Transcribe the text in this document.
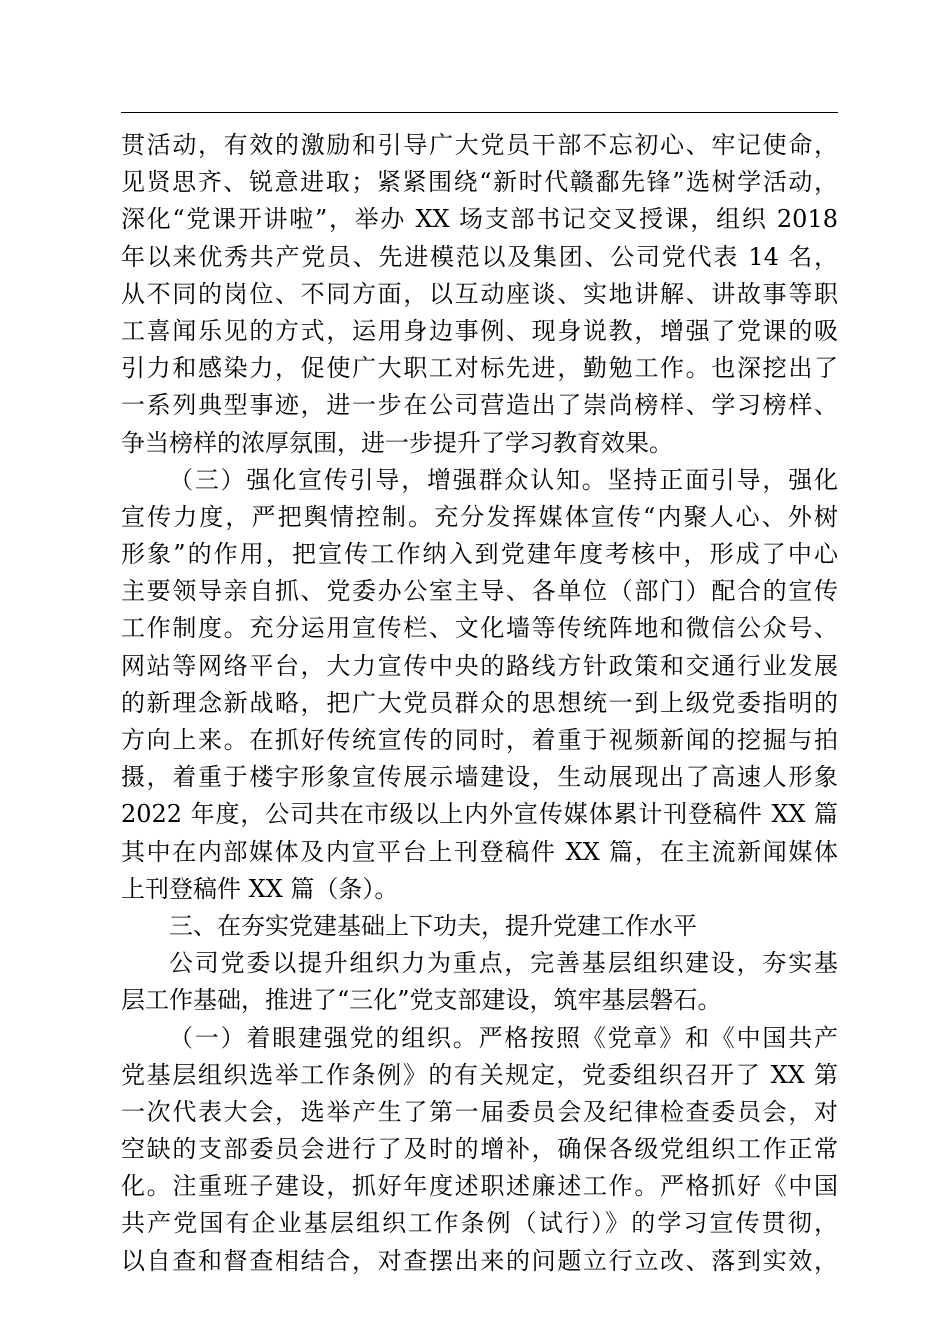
贯活动，有效的激励和引导广大党员干部不忘初心、牢记使命，
见贤思齐、锐意进取；紧紧围绕“新时代赣鄱先锋”选树学活动，
深化“党课开讲啦”，举办 XX 场支部书记交叉授课，组织 2018
年以来优秀共产党员、先进模范以及集团、公司党代表 14 名，
从不同的岗位、不同方面，以互动座谈、实地讲解、讲故事等职
工喜闻乐见的方式，运用身边事例、现身说教，增强了党课的吸
引力和感染力，促使广大职工对标先进，勤勉工作。也深挖出了
一系列典型事迹，进一步在公司营造出了崇尚榜样、学习榜样、
争当榜样的浓厚氛围，进一步提升了学习教育效果。
（三）强化宣传引导，增强群众认知。坚持正面引导，强化
宣传力度，严把舆情控制。充分发挥媒体宣传“内聚人心、外树
形象”的作用，把宣传工作纳入到党建年度考核中，形成了中心
主要领导亲自抓、党委办公室主导、各单位（部门）配合的宣传
工作制度。充分运用宣传栏、文化墙等传统阵地和微信公众号、
网站等网络平台，大力宣传中央的路线方针政策和交通行业发展
的新理念新战略，把广大党员群众的思想统一到上级党委指明的
方向上来。在抓好传统宣传的同时，着重于视频新闻的挖掘与拍
摄，着重于楼宇形象宣传展示墙建设，生动展现出了高速人形象
2022 年度，公司共在市级以上内外宣传媒体累计刊登稿件 XX 篇
其中在内部媒体及内宣平台上刊登稿件 XX 篇，在主流新闻媒体
上刊登稿件 XX 篇（条）。
三、在夯实党建基础上下功夫，提升党建工作水平
公司党委以提升组织力为重点，完善基层组织建设，夯实基
层工作基础，推进了“三化”党支部建设，筑牢基层磐石。
（一）着眼建强党的组织。严格按照《党章》和《中国共产
党基层组织选举工作条例》的有关规定，党委组织召开了 XX 第
一次代表大会，选举产生了第一届委员会及纪律检查委员会，对
空缺的支部委员会进行了及时的增补，确保各级党组织工作正常
化。注重班子建设，抓好年度述职述廉述工作。严格抓好《中国
共产党国有企业基层组织工作条例（试行）》的学习宣传贯彻，
以自查和督查相结合，对查摆出来的问题立行立改、落到实效，
